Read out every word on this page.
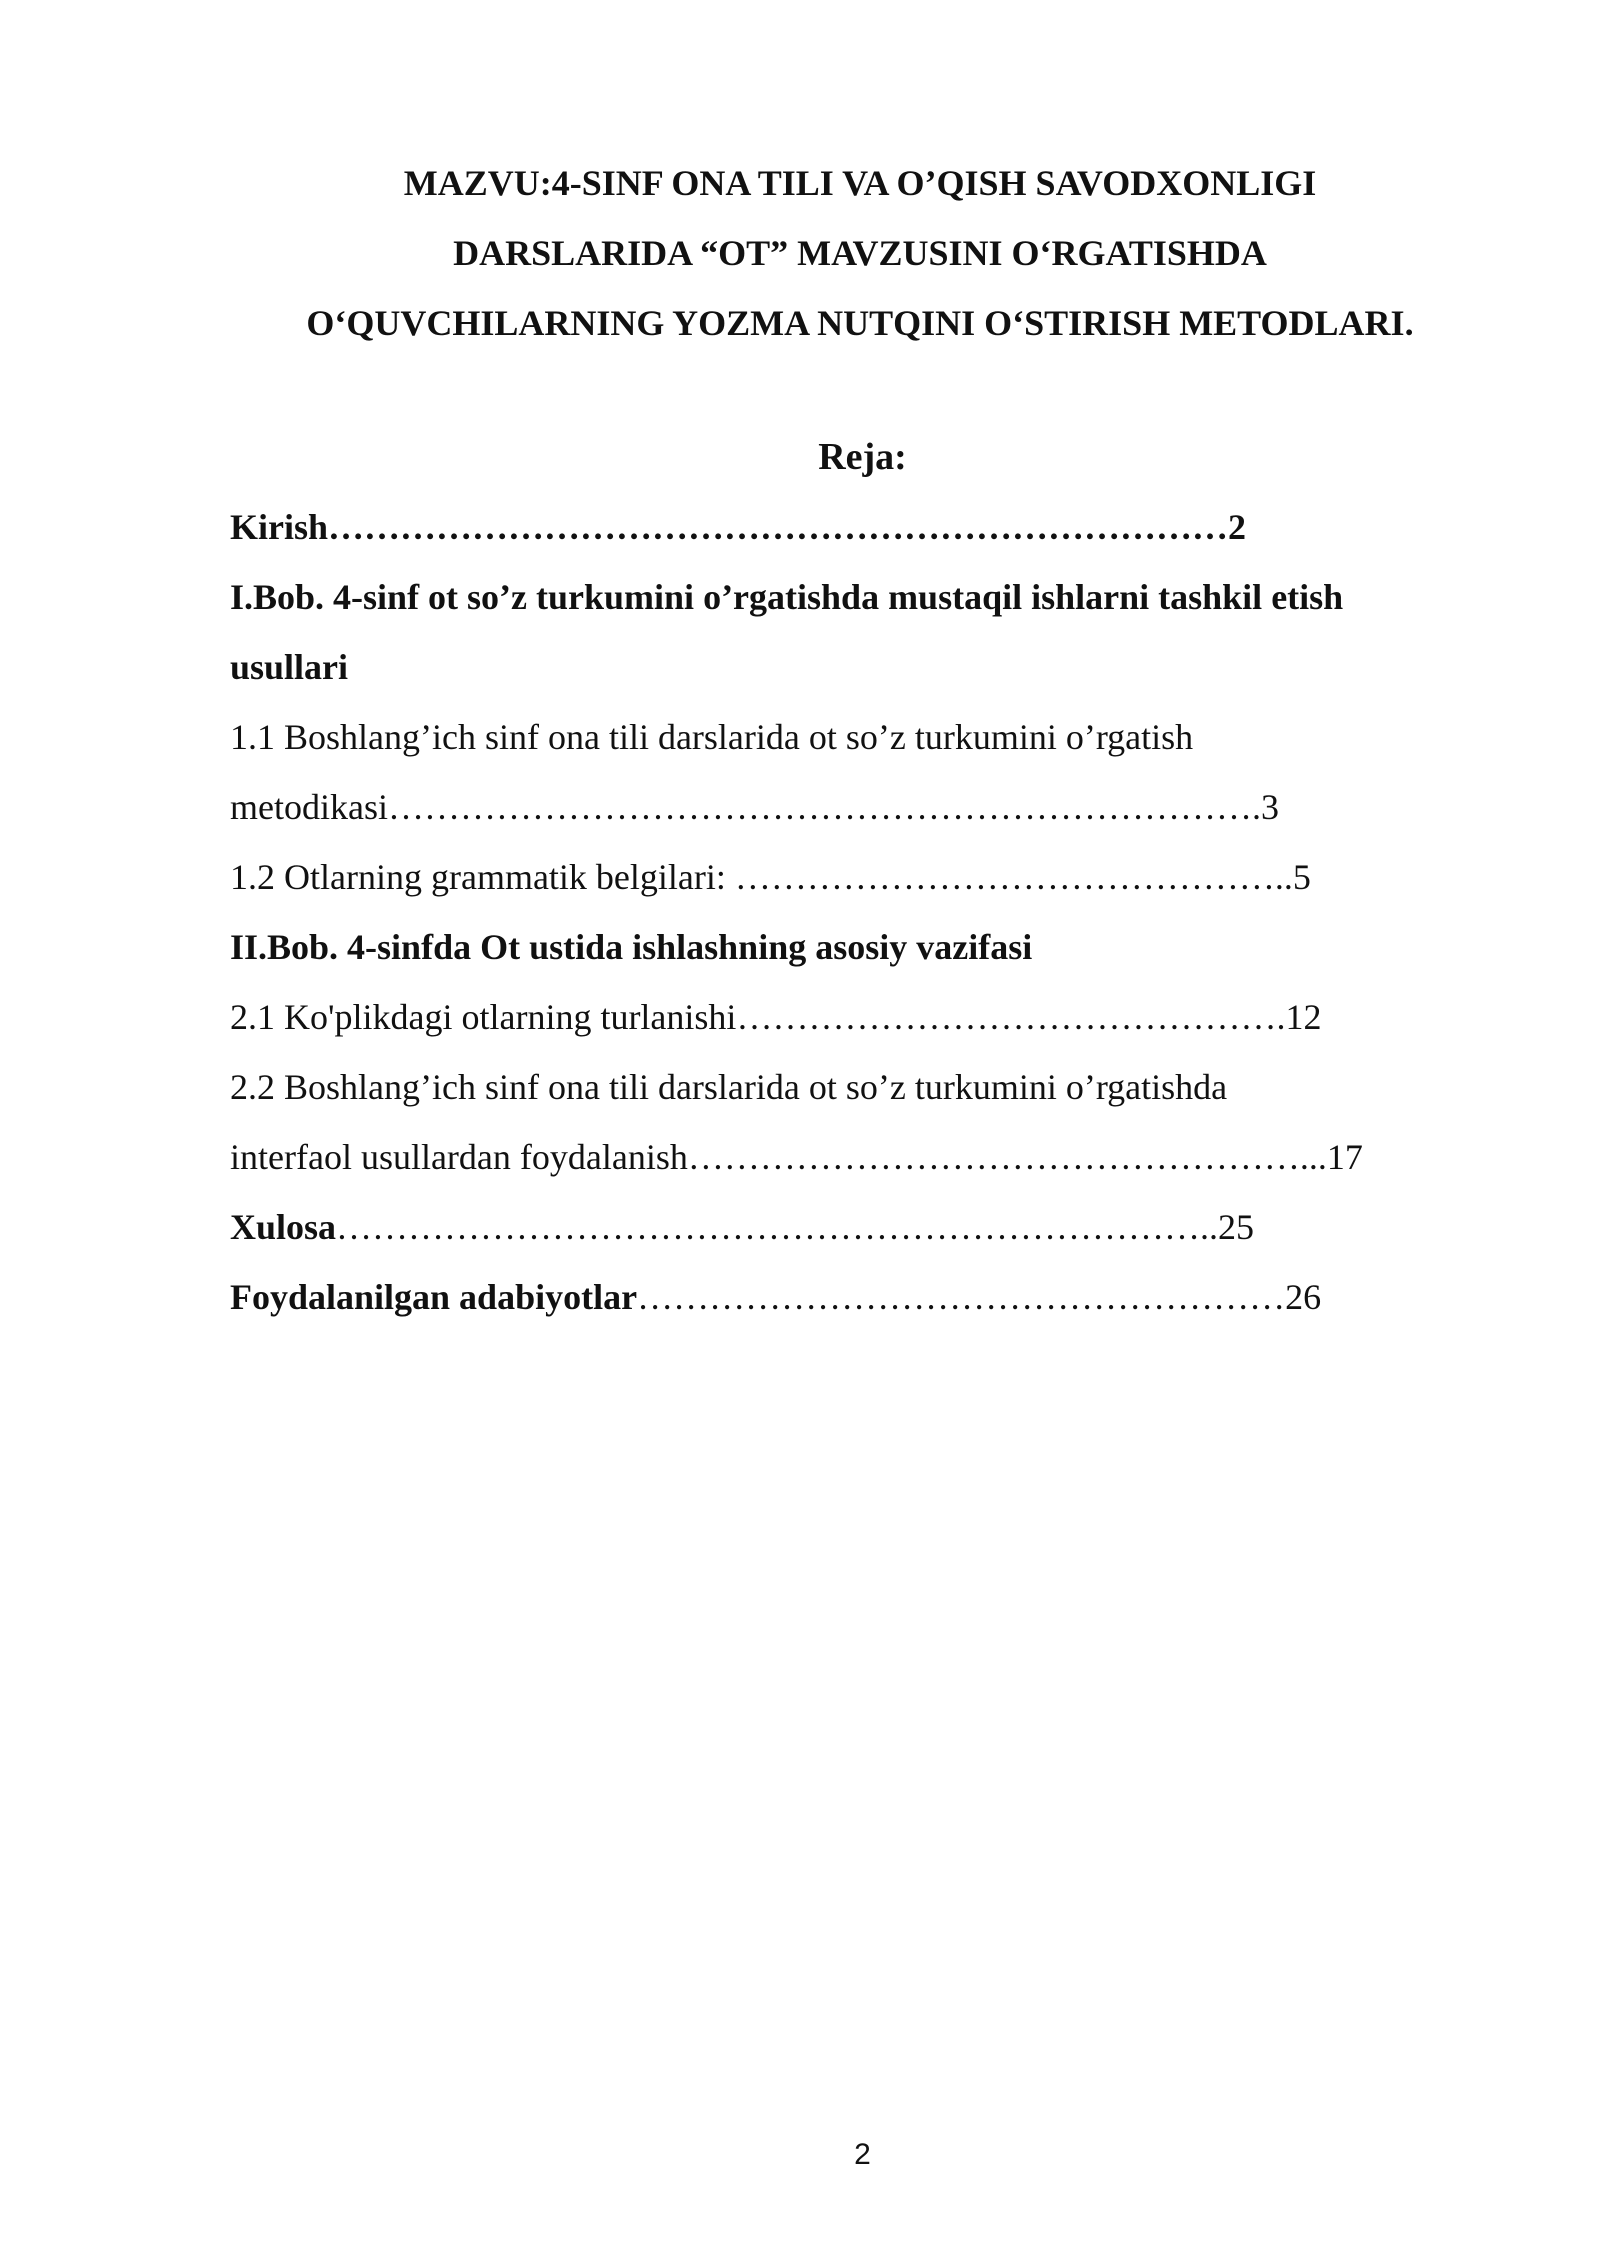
MAZVU:4-SINF ONA TILI VA O’QISH SAVODXONLIGI
DARSLARIDA “OT” MAVZUSINI O‘RGATISHDA
O‘QUVCHILARNING YOZMA NUTQINI O‘STIRISH METODLARI.
Reja:
Kirish…………………………………………………………………2
I.Bob. 4-sinf ot so’z turkumini o’rgatishda mustaqil ishlarni tashkil etish
usullari
1.1 Boshlang’ich sinf ona tili darslarida ot so’z turkumini o’rgatish
metodikasi……………………………………………………………….3
1.2 Otlarning grammatik belgilari: ………………………………………..5
II.Bob. 4-sinfda Ot ustida ishlashning asosiy vazifasi
2.1 Ko'plikdagi otlarning turlanishi……………………………………….12
2.2 Boshlang’ich sinf ona tili darslarida ot so’z turkumini o’rgatishda
interfaol usullardan foydalanish……………………………………………...17
Xulosa………………………………………………………………..25
Foydalanilgan adabiyotlar………………………………………………26
2
